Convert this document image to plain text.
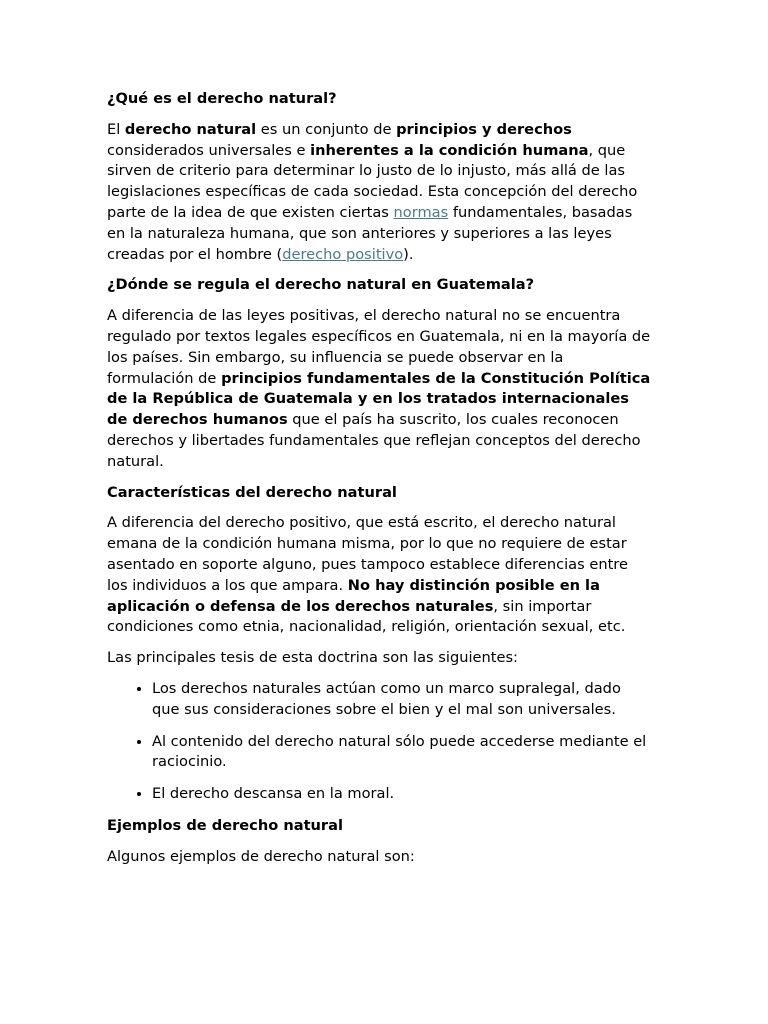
¿Qué es el derecho natural?

El derecho natural es un conjunto de principios y derechos considerados universales e inherentes a la condición humana, que sirven de criterio para determinar lo justo de lo injusto, más allá de las legislaciones específicas de cada sociedad. Esta concepción del derecho parte de la idea de que existen ciertas normas fundamentales, basadas en la naturaleza humana, que son anteriores y superiores a las leyes creadas por el hombre (derecho positivo).

¿Dónde se regula el derecho natural en Guatemala?

A diferencia de las leyes positivas, el derecho natural no se encuentra regulado por textos legales específicos en Guatemala, ni en la mayoría de los países. Sin embargo, su influencia se puede observar en la formulación de principios fundamentales de la Constitución Política de la República de Guatemala y en los tratados internacionales de derechos humanos que el país ha suscrito, los cuales reconocen derechos y libertades fundamentales que reflejan conceptos del derecho natural.

Características del derecho natural

A diferencia del derecho positivo, que está escrito, el derecho natural emana de la condición humana misma, por lo que no requiere de estar asentado en soporte alguno, pues tampoco establece diferencias entre los individuos a los que ampara. No hay distinción posible en la aplicación o defensa de los derechos naturales, sin importar condiciones como etnia, nacionalidad, religión, orientación sexual, etc.

Las principales tesis de esta doctrina son las siguientes:

• Los derechos naturales actúan como un marco supralegal, dado que sus consideraciones sobre el bien y el mal son universales.
• Al contenido del derecho natural sólo puede accederse mediante el raciocinio.
• El derecho descansa en la moral.
Ejemplos de derecho natural

Algunos ejemplos de derecho natural son:
